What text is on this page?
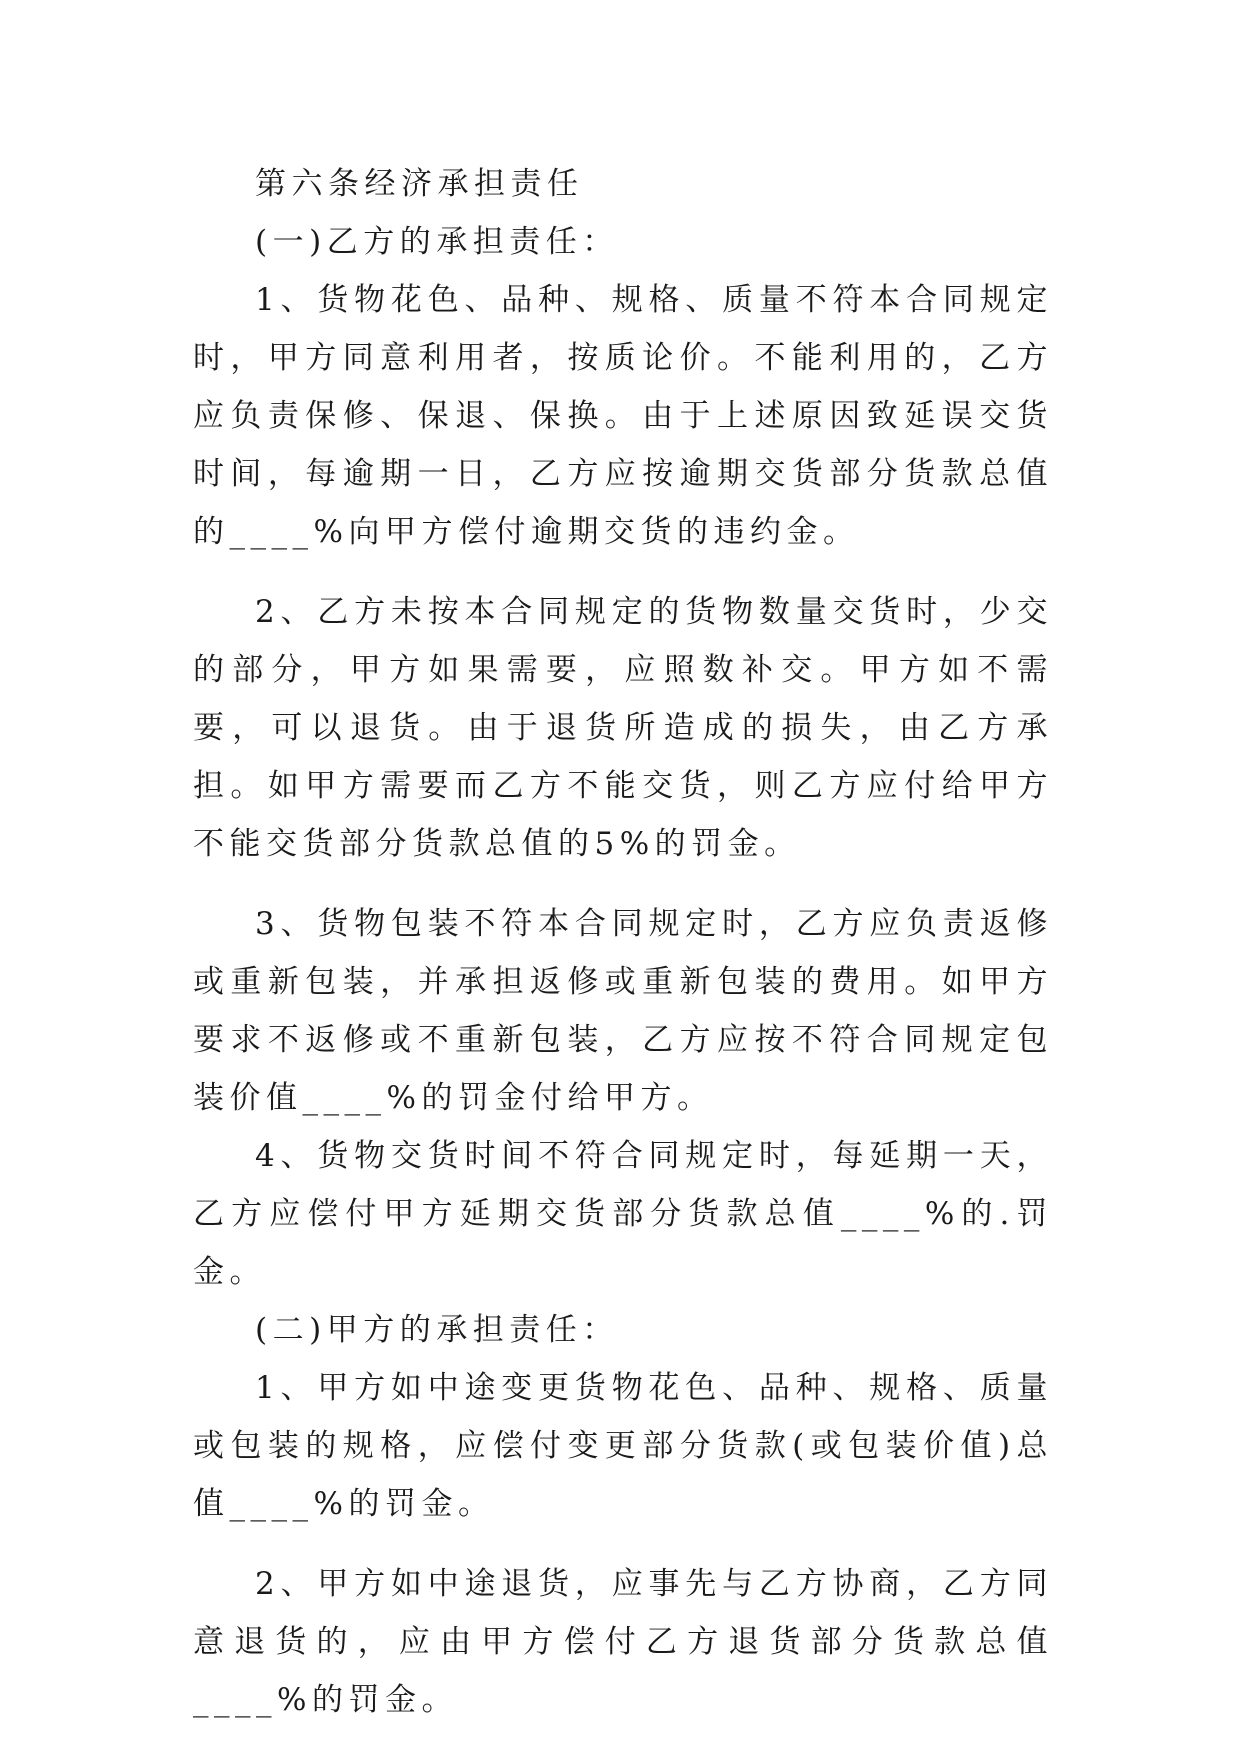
第六条经济承担责任

(一)乙方的承担责任：

1、货物花色、品种、规格、质量不符本合同规定时，甲方同意利用者，按质论价。不能利用的，乙方应负责保修、保退、保换。由于上述原因致延误交货时间，每逾期一日，乙方应按逾期交货部分货款总值的____%向甲方偿付逾期交货的违约金。

2、乙方未按本合同规定的货物数量交货时，少交的部分，甲方如果需要，应照数补交。甲方如不需要，可以退货。由于退货所造成的损失，由乙方承担。如甲方需要而乙方不能交货，则乙方应付给甲方不能交货部分货款总值的5%的罚金。

3、货物包装不符本合同规定时，乙方应负责返修或重新包装，并承担返修或重新包装的费用。如甲方要求不返修或不重新包装，乙方应按不符合同规定包装价值____%的罚金付给甲方。

4、货物交货时间不符合同规定时，每延期一天，乙方应偿付甲方延期交货部分货款总值____%的.罚金。

(二)甲方的承担责任：

1、甲方如中途变更货物花色、品种、规格、质量或包装的规格，应偿付变更部分货款(或包装价值)总值____%的罚金。

2、甲方如中途退货，应事先与乙方协商，乙方同意退货的，应由甲方偿付乙方退货部分货款总值____%的罚金。
